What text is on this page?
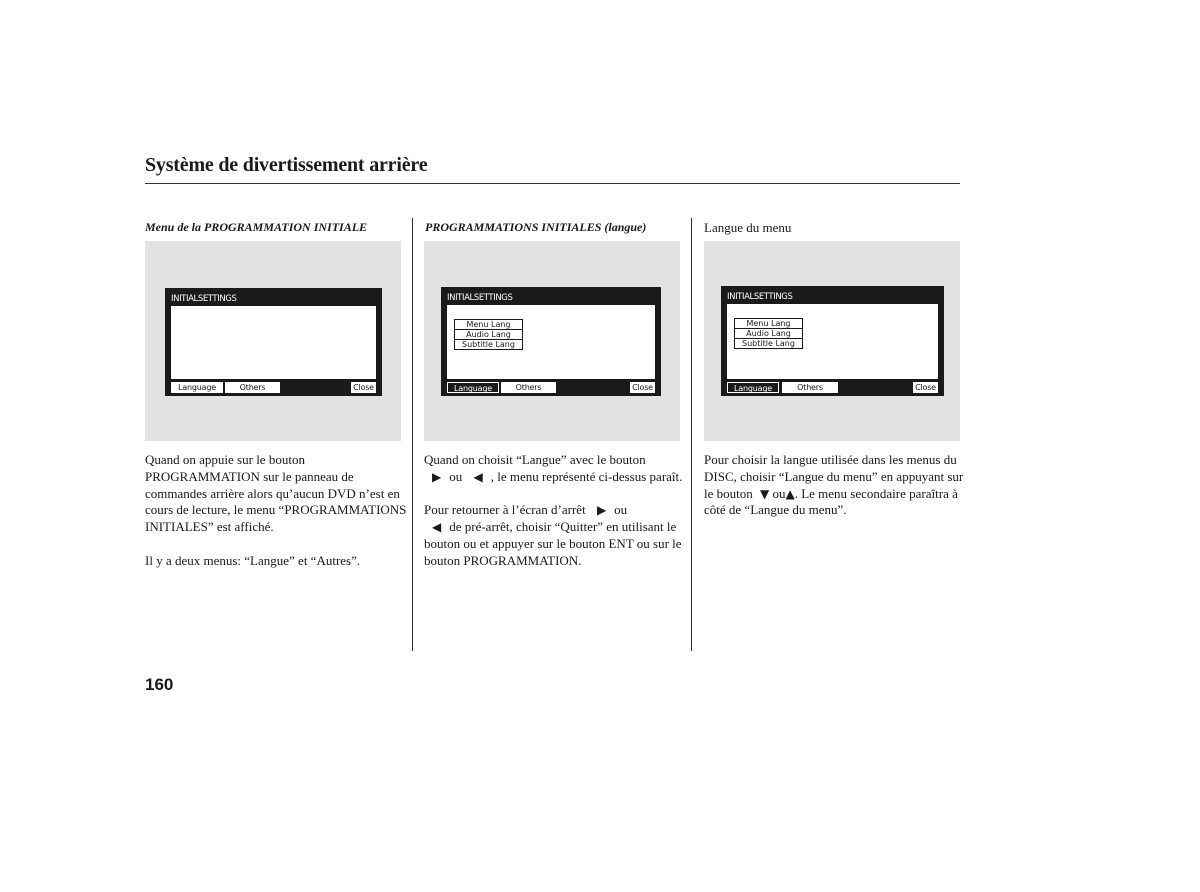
Système de divertissement arrière
Menu de la PROGRAMMATION INITIALE
INITIALSETTINGS
Language	Others	Close

Quand on appuie sur le bouton PROGRAMMATION sur le panneau de commandes arrière alors qu’aucun DVD n’est en cours de lecture, le menu “PROGRAMMATIONS INITIALES” est affiché.

Il y a deux menus: “Langue” et “Autres”.

PROGRAMMATIONS INITIALES (langue)
INITIALSETTINGS
Menu Lang
Audio Lang
Subtitle Lang
Language	Others	Close

Quand on choisit “Langue” avec le bouton
▶ ou ◀ , le menu représenté ci-dessus paraît.

Pour retourner à l’écran d’arrêt ▶ ou
◀ de pré-arrêt, choisir “Quitter” en utilisant le bouton ou et appuyer sur le bouton ENT ou sur le bouton PROGRAMMATION.

Langue du menu
INITIALSETTINGS
Menu Lang
Audio Lang
Subtitle Lang
Language	Others	Close

Pour choisir la langue utilisée dans les menus du DISC, choisir “Langue du menu” en appuyant sur le bouton ▼ ou▲. Le menu secondaire paraîtra à côté de “Langue du menu”.

160
